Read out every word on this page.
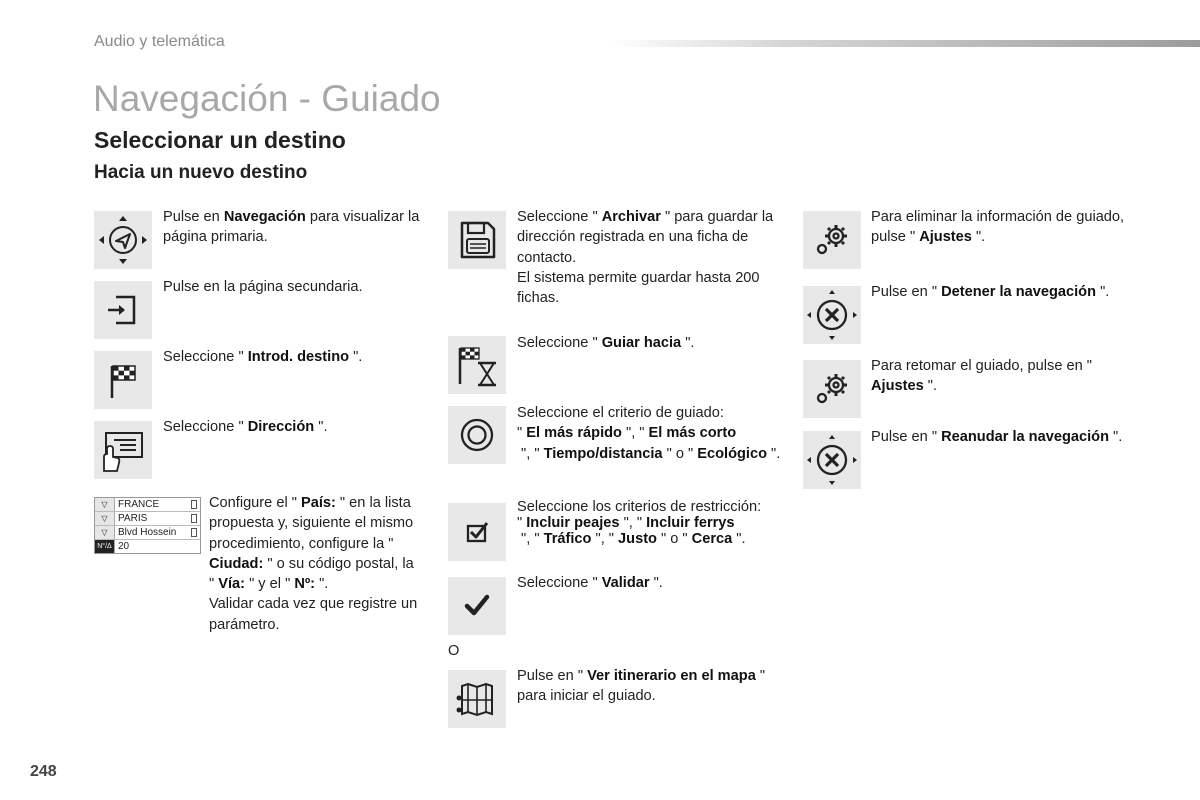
Audio y telemática
Navegación - Guiado
Seleccionar un destino
Hacia un nuevo destino
Pulse en Navegación para visualizar la página primaria.
Pulse en la página secundaria.
Seleccione " Introd. destino ".
Seleccione " Dirección ".
▽	FRANCE
▽	PARIS
▽	Blvd Hossein
N°/Δ 20
Configure el " País: " en la lista propuesta y, siguiente el mismo procedimiento, configure la " Ciudad: " o su código postal, la " Vía: " y el " Nº: ".
Validar cada vez que registre un parámetro.
Seleccione " Archivar " para guardar la dirección registrada en una ficha de contacto.
El sistema permite guardar hasta 200 fichas.
Seleccione " Guiar hacia ".
Seleccione el criterio de guiado:
" El más rápido ", " El más corto ", " Tiempo/distancia " o " Ecológico ".
Seleccione los criterios de restricción:
" Incluir peajes ", " Incluir ferrys ", " Tráfico ", " Justo " o " Cerca ".
Seleccione " Validar ".
O
Pulse en " Ver itinerario en el mapa " para iniciar el guiado.
Para eliminar la información de guiado, pulse " Ajustes ".
Pulse en " Detener la navegación ".
Para retomar el guiado, pulse en " Ajustes ".
Pulse en " Reanudar la navegación ".
248
